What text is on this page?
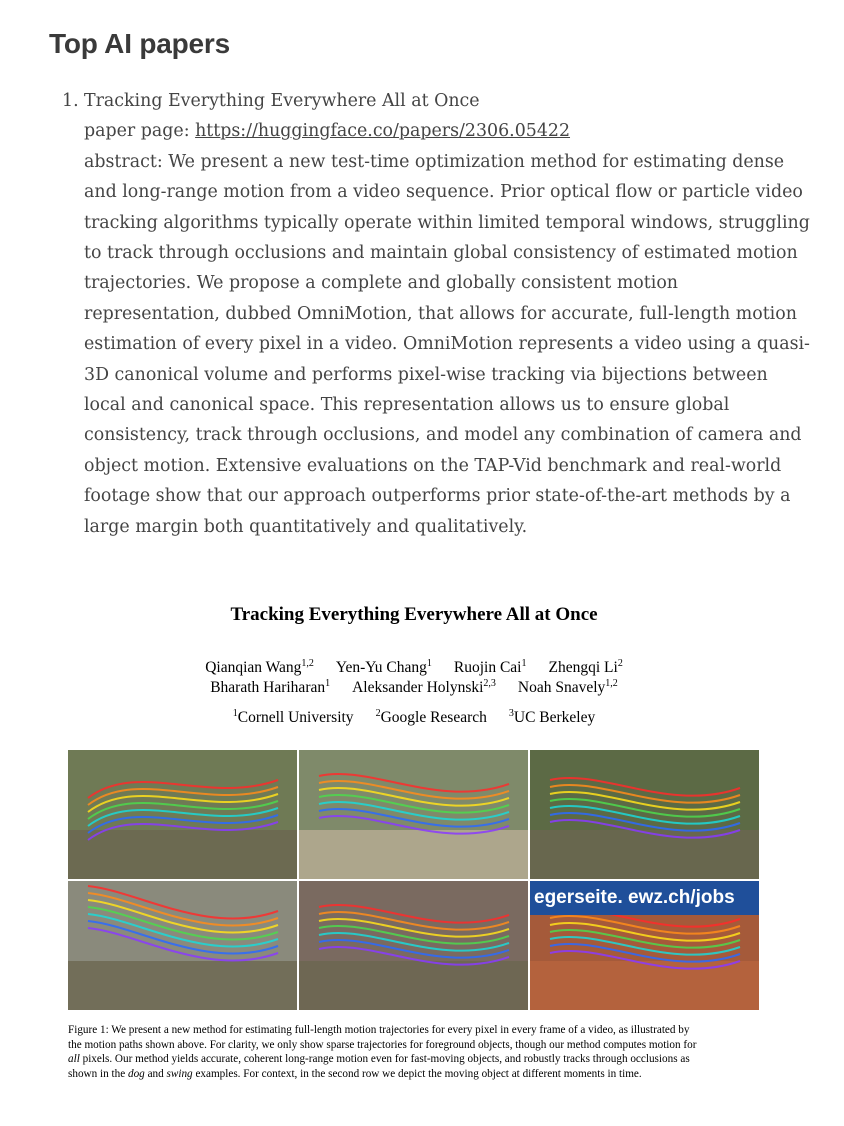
Top AI papers
1. Tracking Everything Everywhere All at Once
paper page: https://huggingface.co/papers/2306.05422
abstract: We present a new test-time optimization method for estimating dense
and long-range motion from a video sequence. Prior optical flow or particle video
tracking algorithms typically operate within limited temporal windows, struggling
to track through occlusions and maintain global consistency of estimated motion
trajectories. We propose a complete and globally consistent motion
representation, dubbed OmniMotion, that allows for accurate, full-length motion
estimation of every pixel in a video. OmniMotion represents a video using a quasi-
3D canonical volume and performs pixel-wise tracking via bijections between
local and canonical space. This representation allows us to ensure global
consistency, track through occlusions, and model any combination of camera and
object motion. Extensive evaluations on the TAP-Vid benchmark and real-world
footage show that our approach outperforms prior state-of-the-art methods by a
large margin both quantitatively and qualitatively.
Tracking Everything Everywhere All at Once
Qianqian Wang$^{1,2}$ Yen-Yu Chang$^1$ Ruojin Cai$^1$ Zhengqi Li$^2$
Bharath Hariharan$^1$ Aleksander Holynski$^{2,3}$ Noah Snavely$^{1,2}$
$^1$Cornell University $^2$Google Research $^3$UC Berkeley
egerseite. ewz.ch/jobs
Figure 1: We present a new method for estimating full-length motion trajectories for every pixel in every frame of a video, as illustrated by
the motion paths shown above. For clarity, we only show sparse trajectories for foreground objects, though our method computes motion for
all pixels. Our method yields accurate, coherent long-range motion even for fast-moving objects, and robustly tracks through occlusions as
shown in the dog and swing examples. For context, in the second row we depict the moving object at different moments in time.
